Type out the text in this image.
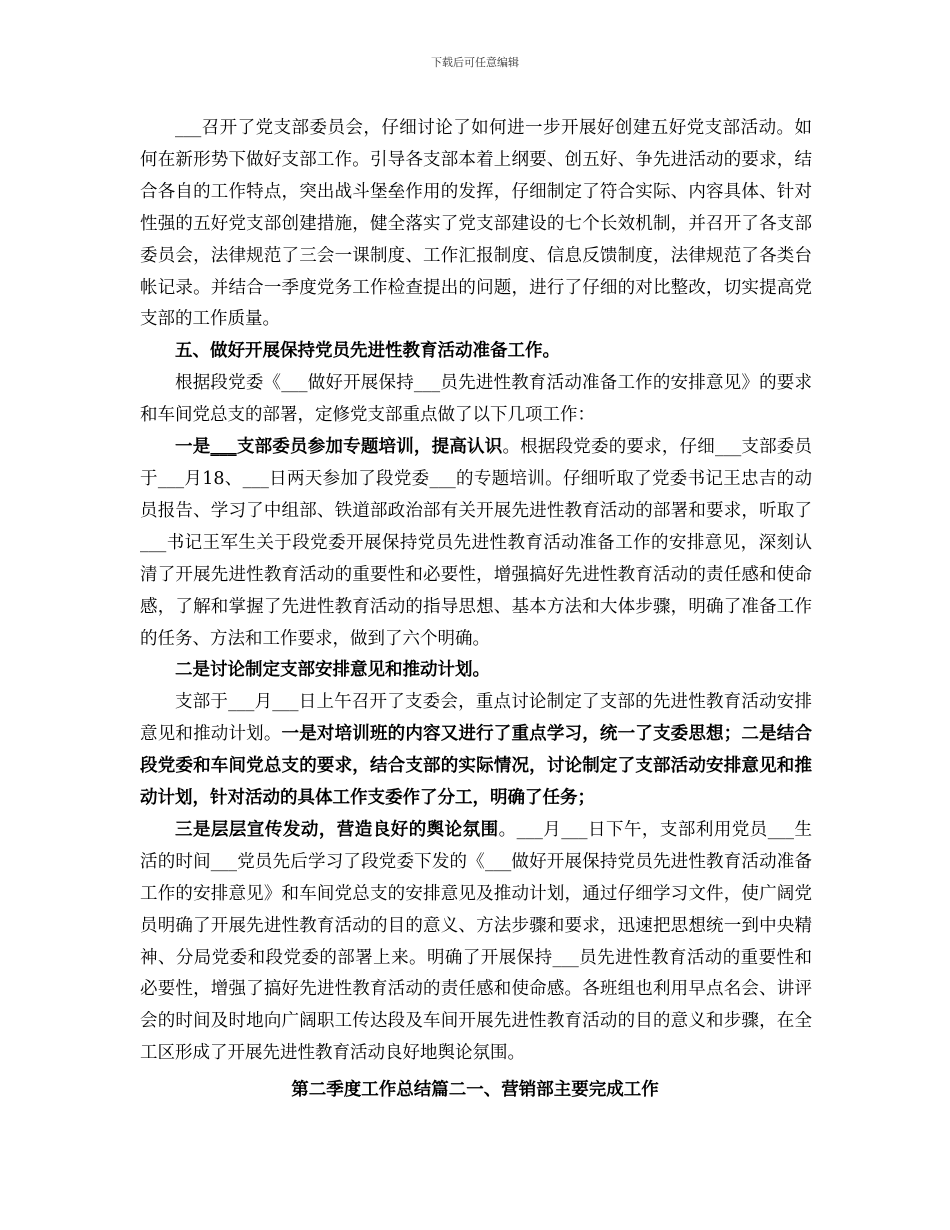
下载后可任意编辑

___召开了党支部委员会，仔细讨论了如何进一步开展好创建五好党支部活动。如何在新形势下做好支部工作。引导各支部本着上纲要、创五好、争先进活动的要求，结合各自的工作特点，突出战斗堡垒作用的发挥，仔细制定了符合实际、内容具体、针对性强的五好党支部创建措施，健全落实了党支部建设的七个长效机制，并召开了各支部委员会，法律规范了三会一课制度、工作汇报制度、信息反馈制度，法律规范了各类台帐记录。并结合一季度党务工作检查提出的问题，进行了仔细的对比整改，切实提高党支部的工作质量。

五、做好开展保持党员先进性教育活动准备工作。

根据段党委《___做好开展保持___员先进性教育活动准备工作的安排意见》的要求和车间党总支的部署，定修党支部重点做了以下几项工作：

一是___支部委员参加专题培训，提高认识。根据段党委的要求，仔细___支部委员于___月18、___日两天参加了段党委___的专题培训。仔细听取了党委书记王忠吉的动员报告、学习了中组部、铁道部政治部有关开展先进性教育活动的部署和要求，听取了___书记王军生关于段党委开展保持党员先进性教育活动准备工作的安排意见，深刻认清了开展先进性教育活动的重要性和必要性，增强搞好先进性教育活动的责任感和使命感，了解和掌握了先进性教育活动的指导思想、基本方法和大体步骤，明确了准备工作的任务、方法和工作要求，做到了六个明确。

二是讨论制定支部安排意见和推动计划。

支部于___月___日上午召开了支委会，重点讨论制定了支部的先进性教育活动安排意见和推动计划。一是对培训班的内容又进行了重点学习，统一了支委思想；二是结合段党委和车间党总支的要求，结合支部的实际情况，讨论制定了支部活动安排意见和推动计划，针对活动的具体工作支委作了分工，明确了任务；

三是层层宣传发动，营造良好的舆论氛围。___月___日下午，支部利用党员___生活的时间___党员先后学习了段党委下发的《___做好开展保持党员先进性教育活动准备工作的安排意见》和车间党总支的安排意见及推动计划，通过仔细学习文件，使广阔党员明确了开展先进性教育活动的目的意义、方法步骤和要求，迅速把思想统一到中央精神、分局党委和段党委的部署上来。明确了开展保持___员先进性教育活动的重要性和必要性，增强了搞好先进性教育活动的责任感和使命感。各班组也利用早点名会、讲评会的时间及时地向广阔职工传达段及车间开展先进性教育活动的目的意义和步骤，在全工区形成了开展先进性教育活动良好地舆论氛围。

第二季度工作总结篇二一、营销部主要完成工作
